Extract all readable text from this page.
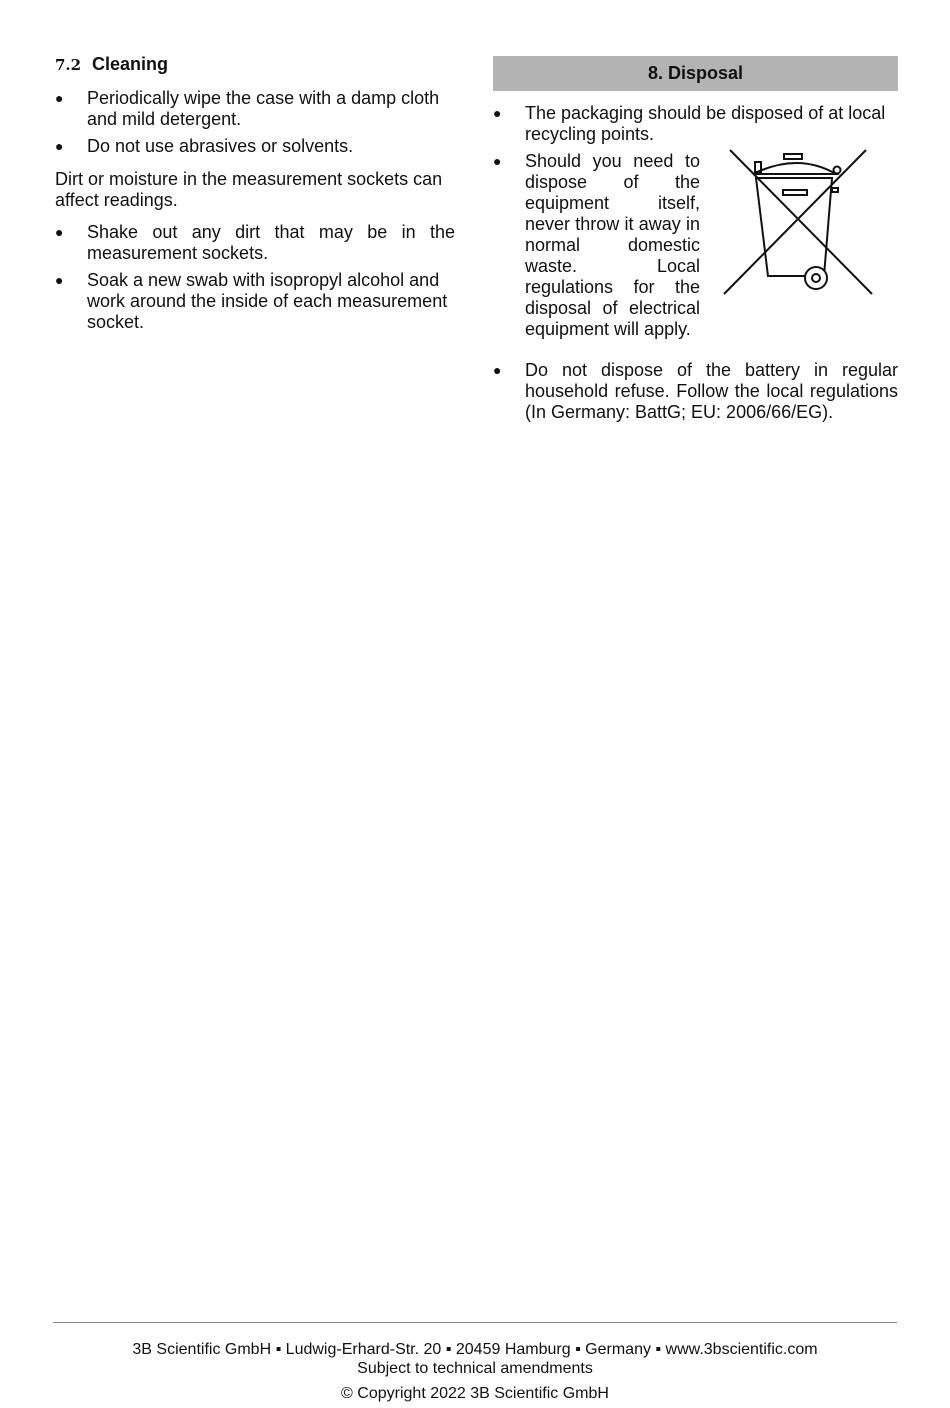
7.2 Cleaning
● Periodically wipe the case with a damp cloth and mild detergent.
● Do not use abrasives or solvents.
Dirt or moisture in the measurement sockets can affect readings.
● Shake out any dirt that may be in the measurement sockets.
● Soak a new swab with isopropyl alcohol and work around the inside of each measurement socket.
8. Disposal
● The packaging should be disposed of at local recycling points.
● Should you need to dispose of the equipment itself, never throw it away in normal domestic waste. Local regulations for the disposal of electrical equipment will apply.
● Do not dispose of the battery in regular household refuse. Follow the local regulations (In Germany: BattG; EU: 2006/66/EG).
3B Scientific GmbH ▪ Ludwig-Erhard-Str. 20 ▪ 20459 Hamburg ▪ Germany ▪ www.3bscientific.com
Subject to technical amendments
© Copyright 2022 3B Scientific GmbH
